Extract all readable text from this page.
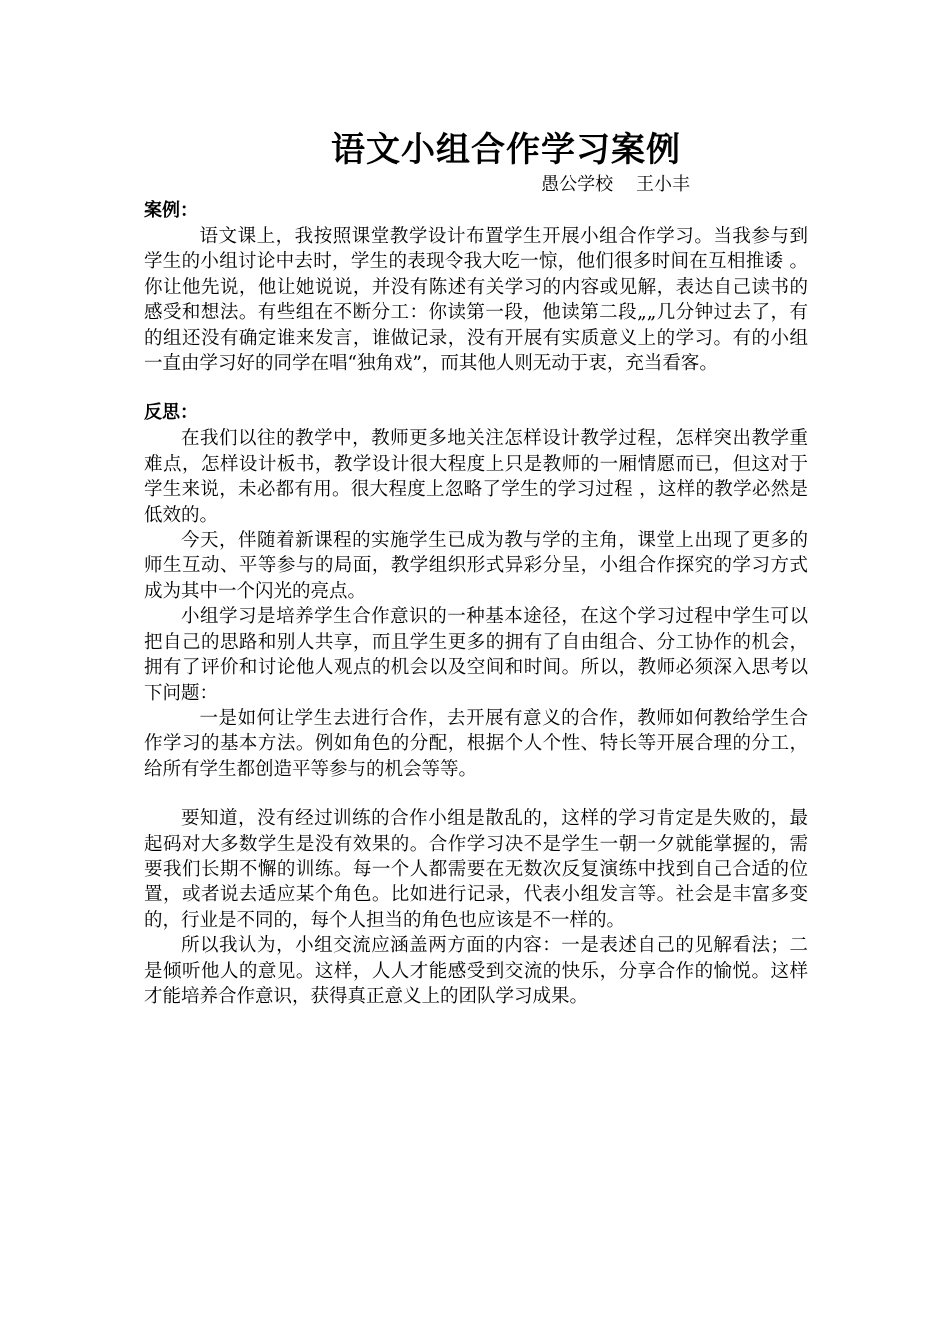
语文小组合作学习案例
愚公学校    王小丰
案例：

语文课上，我按照课堂教学设计布置学生开展小组合作学习。当我参与到学生的小组讨论中去时，学生的表现令我大吃一惊，他们很多时间在互相推诿 。你让他先说，他让她说说，并没有陈述有关学习的内容或见解，表达自己读书的感受和想法。有些组在不断分工：你读第一段，他读第二段„„几分钟过去了，有的组还没有确定谁来发言，谁做记录，没有开展有实质意义上的学习。有的小组一直由学习好的同学在唱“独角戏”，而其他人则无动于衷，充当看客。

反思：

在我们以往的教学中，教师更多地关注怎样设计教学过程，怎样突出教学重难点，怎样设计板书，教学设计很大程度上只是教师的一厢情愿而已，但这对于学生来说，未必都有用。很大程度上忽略了学生的学习过程 ，这样的教学必然是低效的。

今天，伴随着新课程的实施学生已成为教与学的主角，课堂上出现了更多的师生互动、平等参与的局面，教学组织形式异彩分呈，小组合作探究的学习方式成为其中一个闪光的亮点。

小组学习是培养学生合作意识的一种基本途径，在这个学习过程中学生可以把自己的思路和别人共享，而且学生更多的拥有了自由组合、分工协作的机会，拥有了评价和讨论他人观点的机会以及空间和时间。所以，教师必须深入思考以下问题：

一是如何让学生去进行合作，去开展有意义的合作，教师如何教给学生合作学习的基本方法。例如角色的分配，根据个人个性、特长等开展合理的分工，给所有学生都创造平等参与的机会等等。

要知道，没有经过训练的合作小组是散乱的，这样的学习肯定是失败的，最起码对大多数学生是没有效果的。合作学习决不是学生一朝一夕就能掌握的，需要我们长期不懈的训练。每一个人都需要在无数次反复演练中找到自己合适的位置，或者说去适应某个角色。比如进行记录，代表小组发言等。社会是丰富多变的，行业是不同的，每个人担当的角色也应该是不一样的。

所以我认为，小组交流应涵盖两方面的内容：一是表述自己的见解看法；二是倾听他人的意见。这样，人人才能感受到交流的快乐，分享合作的愉悦。这样才能培养合作意识，获得真正意义上的团队学习成果。
